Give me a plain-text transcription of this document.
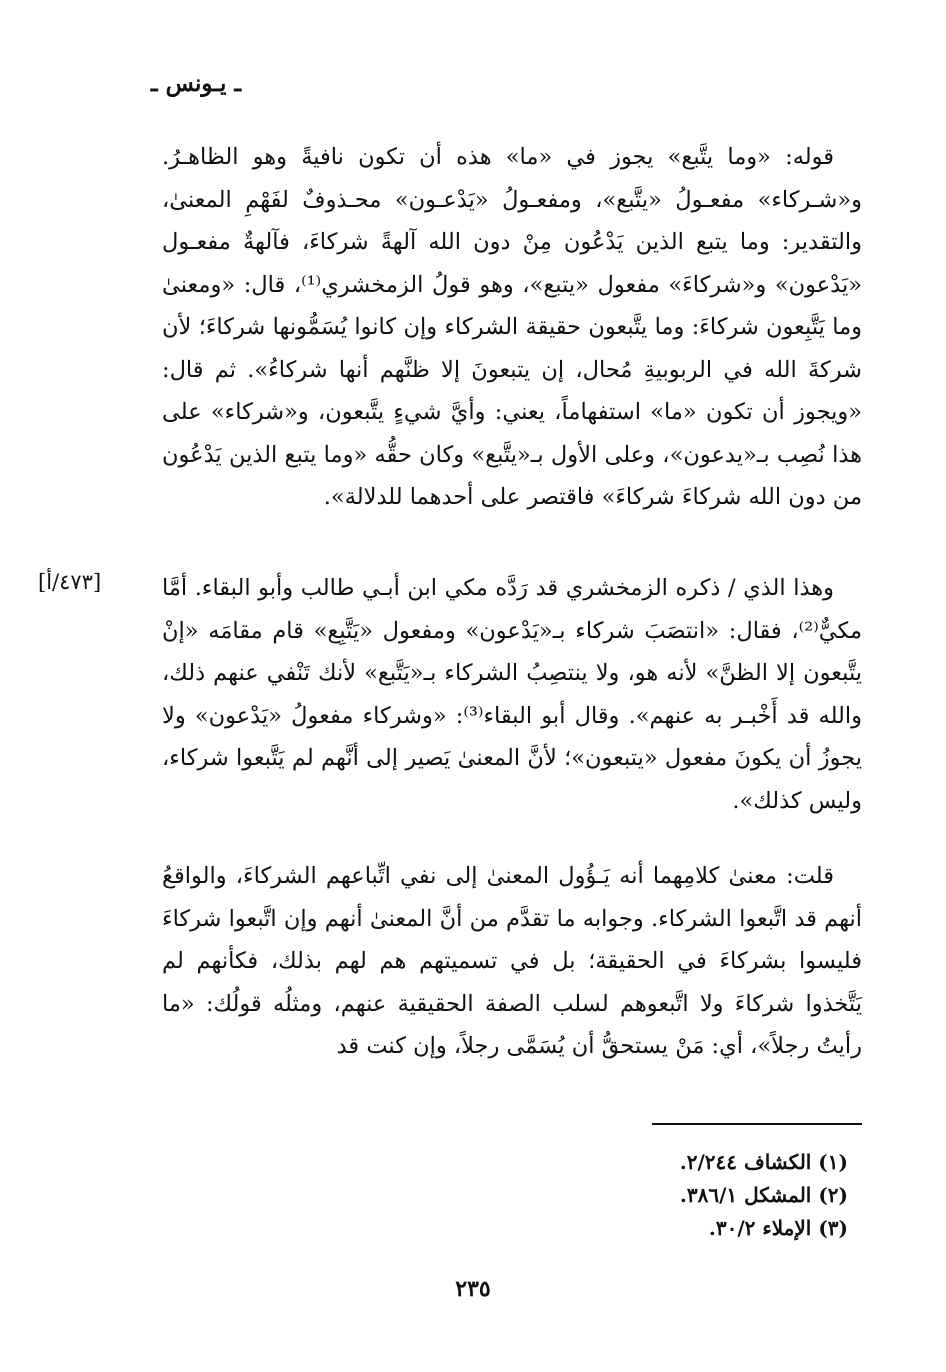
ـ يـونس ـ
قوله: «وما يتَّبع» يجوز في «ما» هذه أن تكون نافيةً وهو الظاهـرُ. و«شـركاء» مفعـولُ «يتَّبع»، ومفعـولُ «يَدْعـون» محـذوفٌ لفَهْمِ المعنىٰ، والتقدير: وما يتبع الذين يَدْعُون مِنْ دون الله آلهةً شركاءَ، فآلهةٌ مفعـول «يَدْعون» و«شركاءَ» مفعول «يتبع»، وهو قولُ الزمخشري⁽¹⁾، قال: «ومعنىٰ وما يَتَّبِعون شركاءَ: وما يتَّبعون حقيقة الشركاء وإن كانوا يُسَمُّونها شركاءَ؛ لأن شركةَ الله في الربوبيةِ مُحال، إن يتبعونَ إلا ظنَّهم أنها شركاءُ». ثم قال: «ويجوز أن تكون «ما» استفهاماً، يعني: وأيَّ شيءٍ يتَّبعون، و«شركاء» على هذا نُصِب بـ«يدعون»، وعلى الأول بـ«يتَّبع» وكان حقُّه «وما يتبع الذين يَدْعُون من دون الله شركاءَ شركاءَ» فاقتصر على أحدهما للدلالة».
[٤٧٣/أ]	وهذا الذي / ذكره الزمخشري قد رَدَّه مكي ابن أبـي طالب وأبو البقاء. أمَّا مكيٌّ⁽²⁾، فقال: «انتصَبَ شركاء بـ«يَدْعون» ومفعول «يَتَّبِع» قام مقامَه «إنْ يتَّبعون إلا الظنَّ» لأنه هو، ولا ينتصِبُ الشركاء بـ«يَتَّبع» لأنك تَنْفي عنهم ذلك، والله قد أَخْبـر به عنهم». وقال أبو البقاء⁽³⁾: «وشركاء مفعولُ «يَدْعون» ولا يجوزُ أن يكونَ مفعول «يتبعون»؛ لأنَّ المعنىٰ يَصير إلى أنَّهم لم يَتَّبعوا شركاء، وليس كذلك».
قلت: معنىٰ كلامِهما أنه يَـؤُول المعنىٰ إلى نفي اتِّباعهم الشركاءَ، والواقعُ أنهم قد اتَّبعوا الشركاء. وجوابه ما تقدَّم من أنَّ المعنىٰ أنهم وإن اتَّبعوا شركاءَ فليسوا بشركاءَ في الحقيقة؛ بل في تسميتهم هم لهم بذلك، فكأنهم لم يَتَّخذوا شركاءَ ولا اتَّبعوهم لسلب الصفة الحقيقية عنهم، ومثلُه قولُك: «ما رأيتُ رجلاً»، أي: مَنْ يستحقُّ أن يُسَمَّى رجلاً، وإن كنت قد
(١) الكشاف ٢/٢٤٤.
(٢) المشكل ٣٨٦/١.
(٣) الإملاء ٣٠/٢.
٢٣٥
